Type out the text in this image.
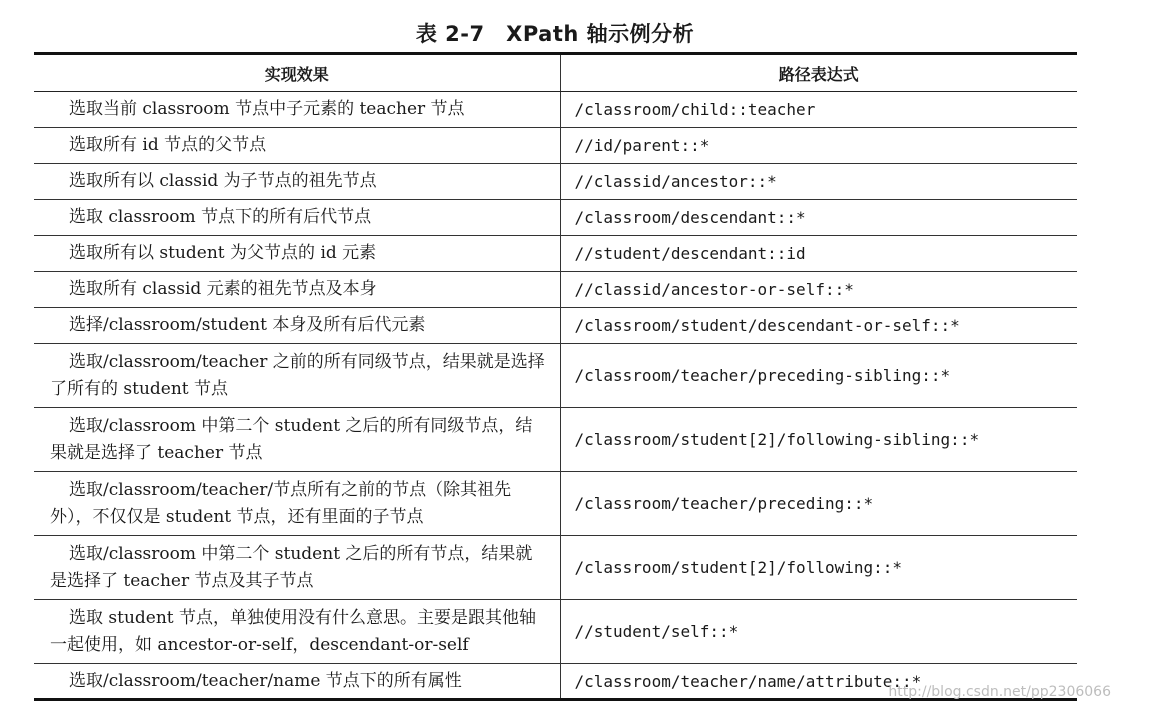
表 2-7　XPath 轴示例分析
实现效果	路径表达式

选取当前 classroom 节点中子元素的 teacher 节点	/classroom/child::teacher

选取所有 id 节点的父节点	//id/parent::*

选取所有以 classid 为子节点的祖先节点	//classid/ancestor::*

选取 classroom 节点下的所有后代节点	/classroom/descendant::*

选取所有以 student 为父节点的 id 元素	//student/descendant::id

选取所有 classid 元素的祖先节点及本身	//classid/ancestor-or-self::*

选择/classroom/student 本身及所有后代元素	/classroom/student/descendant-or-self::*

选取/classroom/teacher 之前的所有同级节点，结果就是选择了所有的 student 节点	/classroom/teacher/preceding-sibling::*

选取/classroom 中第二个 student 之后的所有同级节点，结果就是选择了 teacher 节点	/classroom/student[2]/following-sibling::*

选取/classroom/teacher/节点所有之前的节点（除其祖先外），不仅仅是 student 节点，还有里面的子节点	/classroom/teacher/preceding::*

选取/classroom 中第二个 student 之后的所有节点，结果就是选择了 teacher 节点及其子节点	/classroom/student[2]/following::*

选取 student 节点，单独使用没有什么意思。主要是跟其他轴一起使用，如 ancestor-or-self，descendant-or-self	//student/self::*

选取/classroom/teacher/name 节点下的所有属性	/classroom/teacher/name/attribute::*
http://blog.csdn.net/pp2306066
